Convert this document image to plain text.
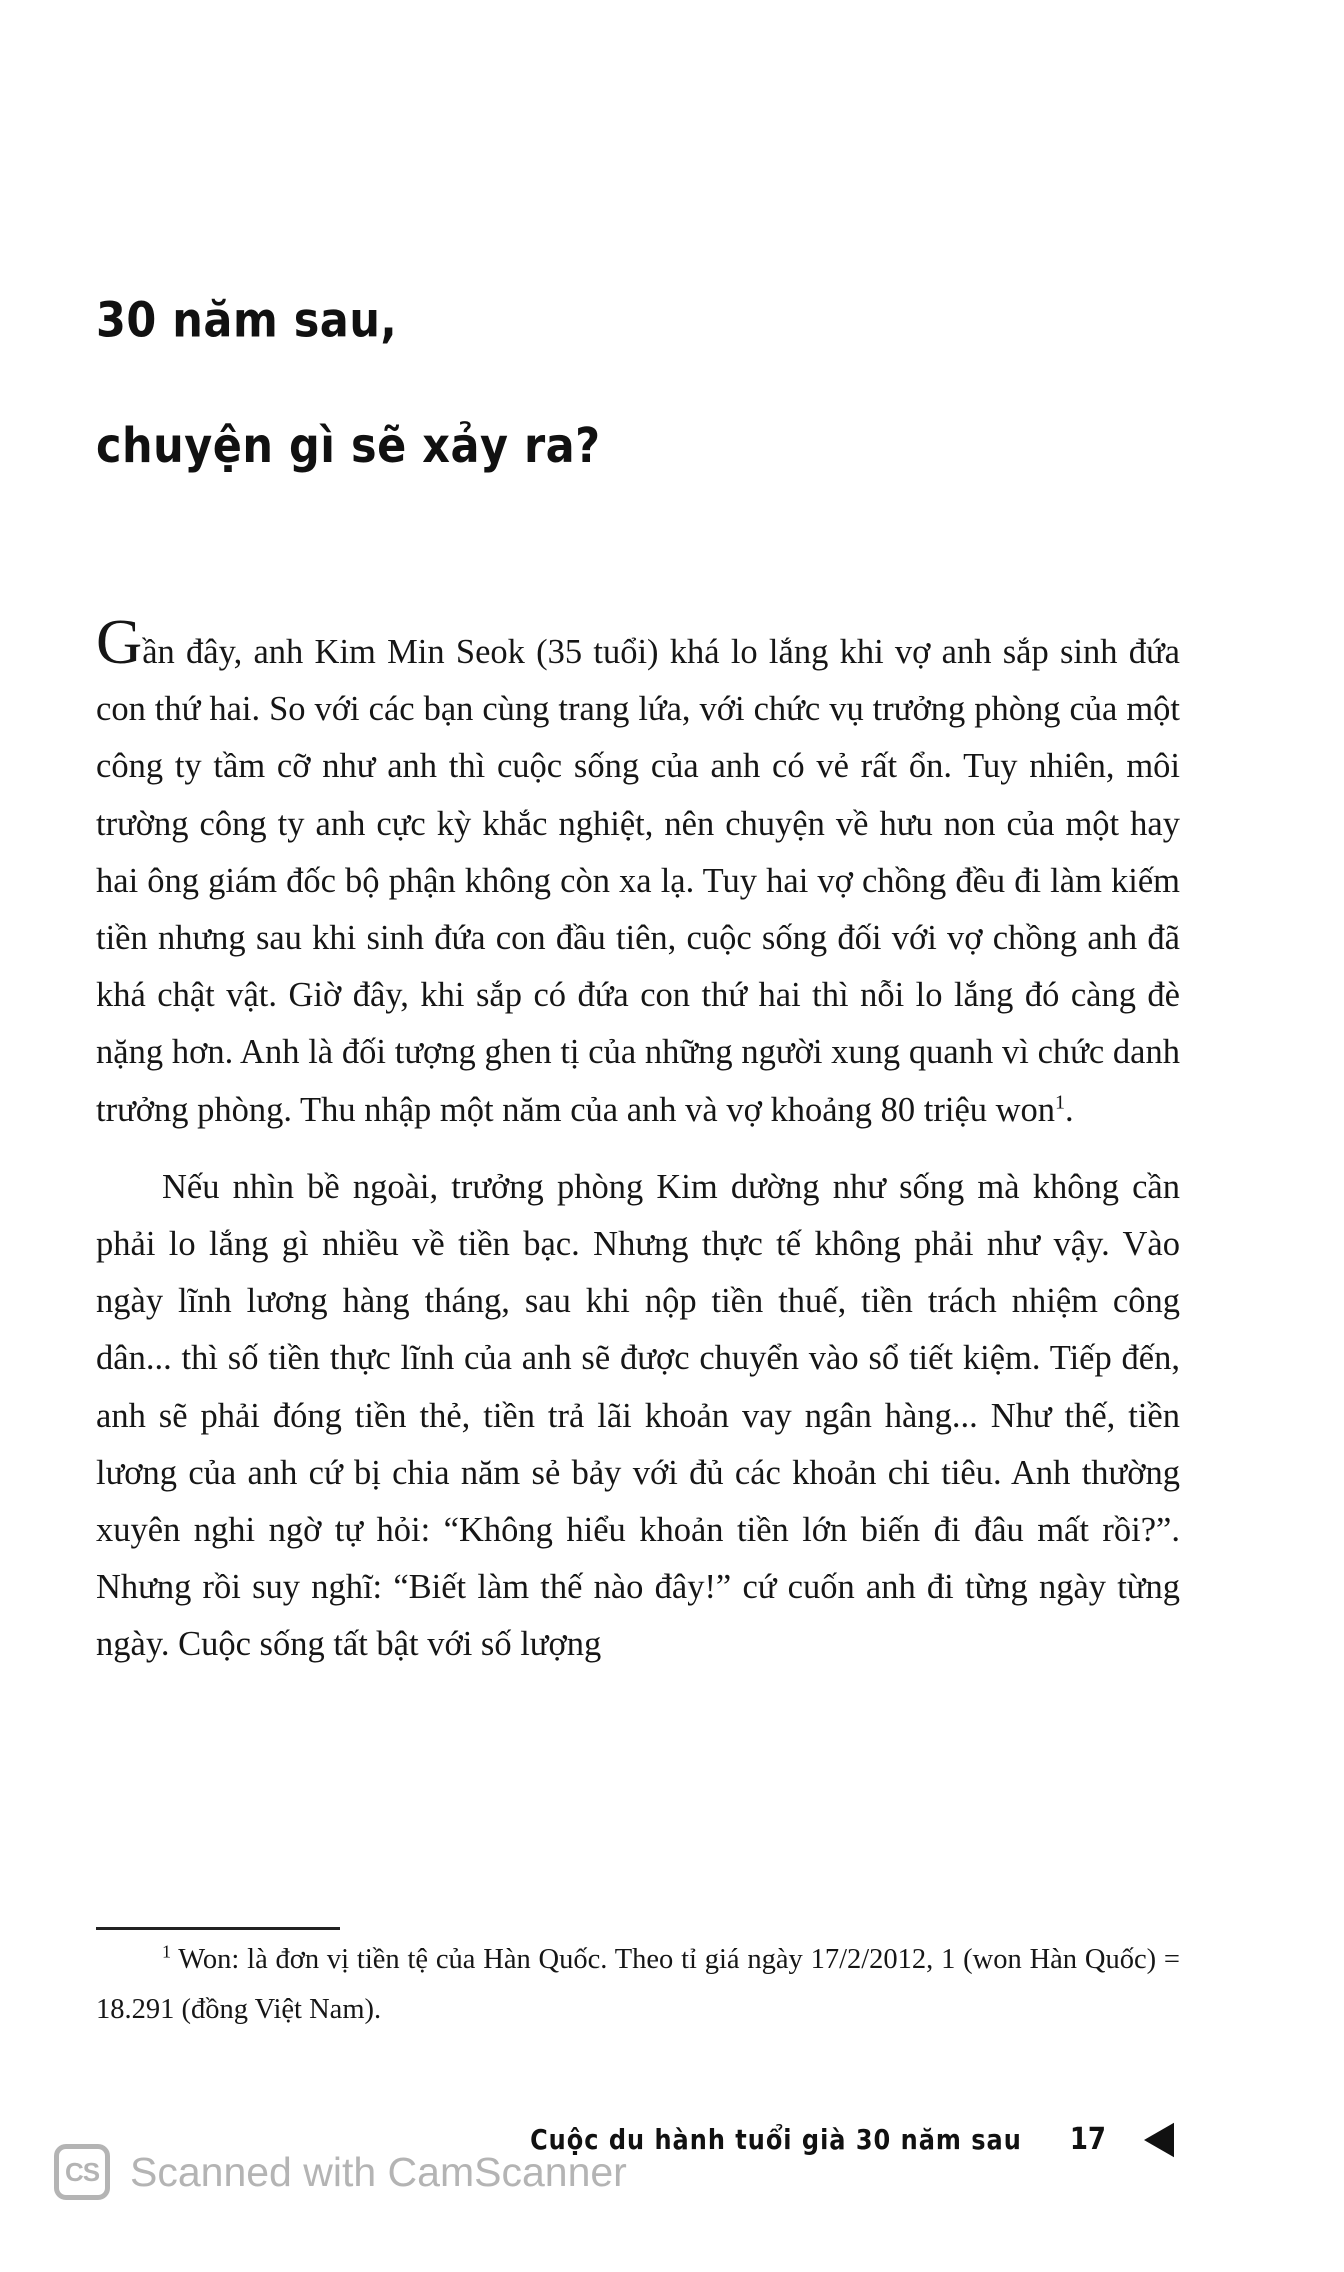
30 năm sau,
chuyện gì sẽ xảy ra?

Gần đây, anh Kim Min Seok (35 tuổi) khá lo lắng khi vợ anh sắp sinh đứa con thứ hai. So với các bạn cùng trang lứa, với chức vụ trưởng phòng của một công ty tầm cỡ như anh thì cuộc sống của anh có vẻ rất ổn. Tuy nhiên, môi trường công ty anh cực kỳ khắc nghiệt, nên chuyện về hưu non của một hay hai ông giám đốc bộ phận không còn xa lạ. Tuy hai vợ chồng đều đi làm kiếm tiền nhưng sau khi sinh đứa con đầu tiên, cuộc sống đối với vợ chồng anh đã khá chật vật. Giờ đây, khi sắp có đứa con thứ hai thì nỗi lo lắng đó càng đè nặng hơn. Anh là đối tượng ghen tị của những người xung quanh vì chức danh trưởng phòng. Thu nhập một năm của anh và vợ khoảng 80 triệu won$^1$.

Nếu nhìn bề ngoài, trưởng phòng Kim dường như sống mà không cần phải lo lắng gì nhiều về tiền bạc. Nhưng thực tế không phải như vậy. Vào ngày lĩnh lương hàng tháng, sau khi nộp tiền thuế, tiền trách nhiệm công dân... thì số tiền thực lĩnh của anh sẽ được chuyển vào sổ tiết kiệm. Tiếp đến, anh sẽ phải đóng tiền thẻ, tiền trả lãi khoản vay ngân hàng... Như thế, tiền lương của anh cứ bị chia năm sẻ bảy với đủ các khoản chi tiêu. Anh thường xuyên nghi ngờ tự hỏi: “Không hiểu khoản tiền lớn biến đi đâu mất rồi?”. Nhưng rồi suy nghĩ: “Biết làm thế nào đây!” cứ cuốn anh đi từng ngày từng ngày. Cuộc sống tất bật với số lượng

$^1$ Won: là đơn vị tiền tệ của Hàn Quốc. Theo tỉ giá ngày 17/2/2012, 1 (won Hàn Quốc) = 18.291 (đồng Việt Nam).

Cuộc du hành tuổi già 30 năm sau 17
CS Scanned with CamScanner
